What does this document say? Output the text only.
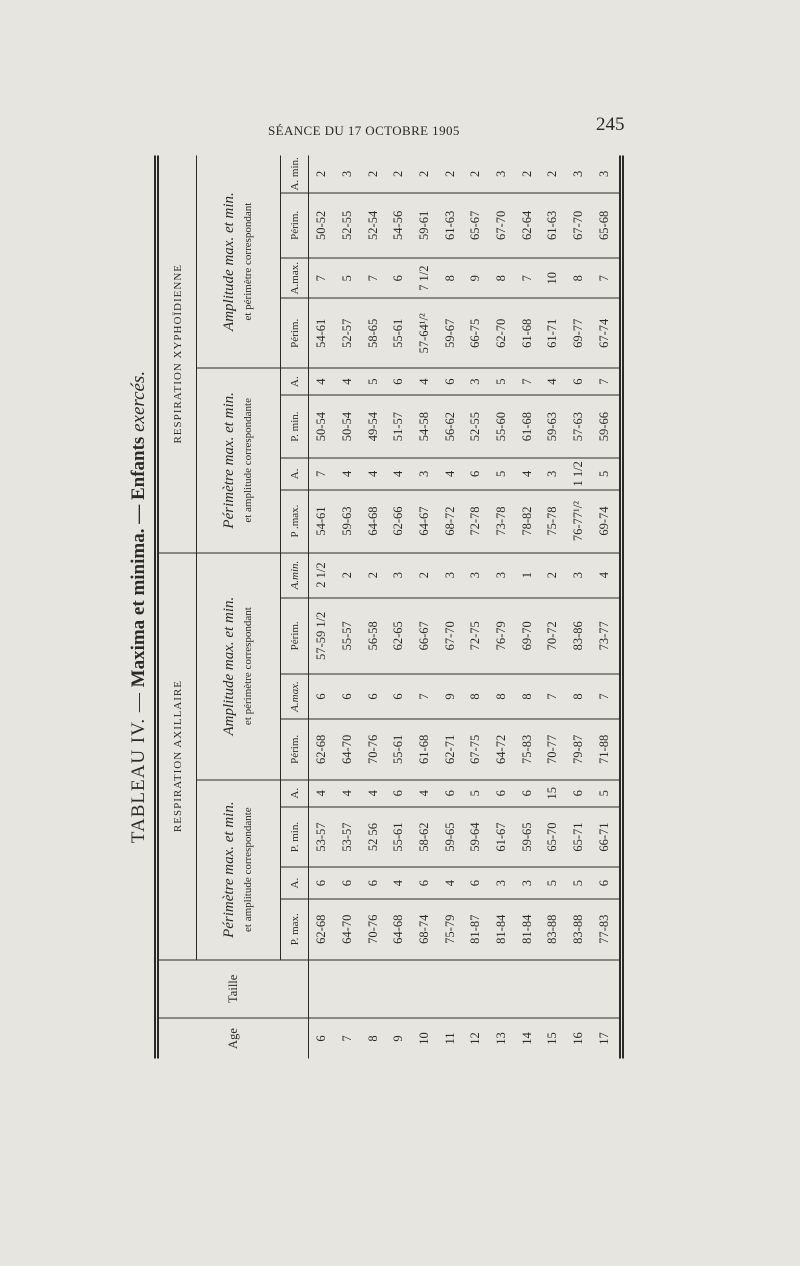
SÉANCE DU 17 OCTOBRE 1905	245
TABLEAU IV. — Maxima et minima. — Enfants exercés.
Age	Taille	RESPIRATION AXILLAIRE								RESPIRATION XYPHOÏDIENNE							
		Périmètre max. et min. et amplitude correspondante				Amplitude max. et min. et périmètre correspondant				Périmètre max. et min. et amplitude correspondante				Amplitude max. et min. et périmètre correspondant			

		P. max.	A.	P. min.	A.	Périm.	A.max.	Périm.	A.min.	P .max.	A.	P. min.	A.	Périm.	A.max.	Périm.	A. min.
6		62-68	6	53-57	4	62-68	6	57-59 1/2	2 1/2	54-61	7	50-54	4	54-61	7	50-52	2
7		64-70	6	53-57	4	64-70	6	55-57	2	59-63	4	50-54	4	52-57	5	52-55	3
8		70-76	6	52 56	4	70-76	6	56-58	2	64-68	4	49-54	5	58-65	7	52-54	2
9		64-68	4	55-61	6	55-61	6	62-65	3	62-66	4	51-57	6	55-61	6	54-56	2
10		68-74	6	58-62	4	61-68	7	66-67	2	64-67	3	54-58	4	57-64¹/²	7 1/2	59-61	2
11		75-79	4	59-65	6	62-71	9	67-70	3	68-72	4	56-62	6	59-67	8	61-63	2
12		81-87	6	59-64	5	67-75	8	72-75	3	72-78	6	52-55	3	66-75	9	65-67	2
13		81-84	3	61-67	6	64-72	8	76-79	3	73-78	5	55-60	5	62-70	8	67-70	3
14		81-84	3	59-65	6	75-83	8	69-70	1	78-82	4	61-68	7	61-68	7	62-64	2
15		83-88	5	65-70	15	70-77	7	70-72	2	75-78	3	59-63	4	61-71	10	61-63	2
16		83-88	5	65-71	6	79-87	8	83-86	3	76-77¹/²	1 1/2	57-63	6	69-77	8	67-70	3
17		77-83	6	66-71	5	71-88	7	73-77	4	69-74	5	59-66	7	67-74	7	65-68	3
